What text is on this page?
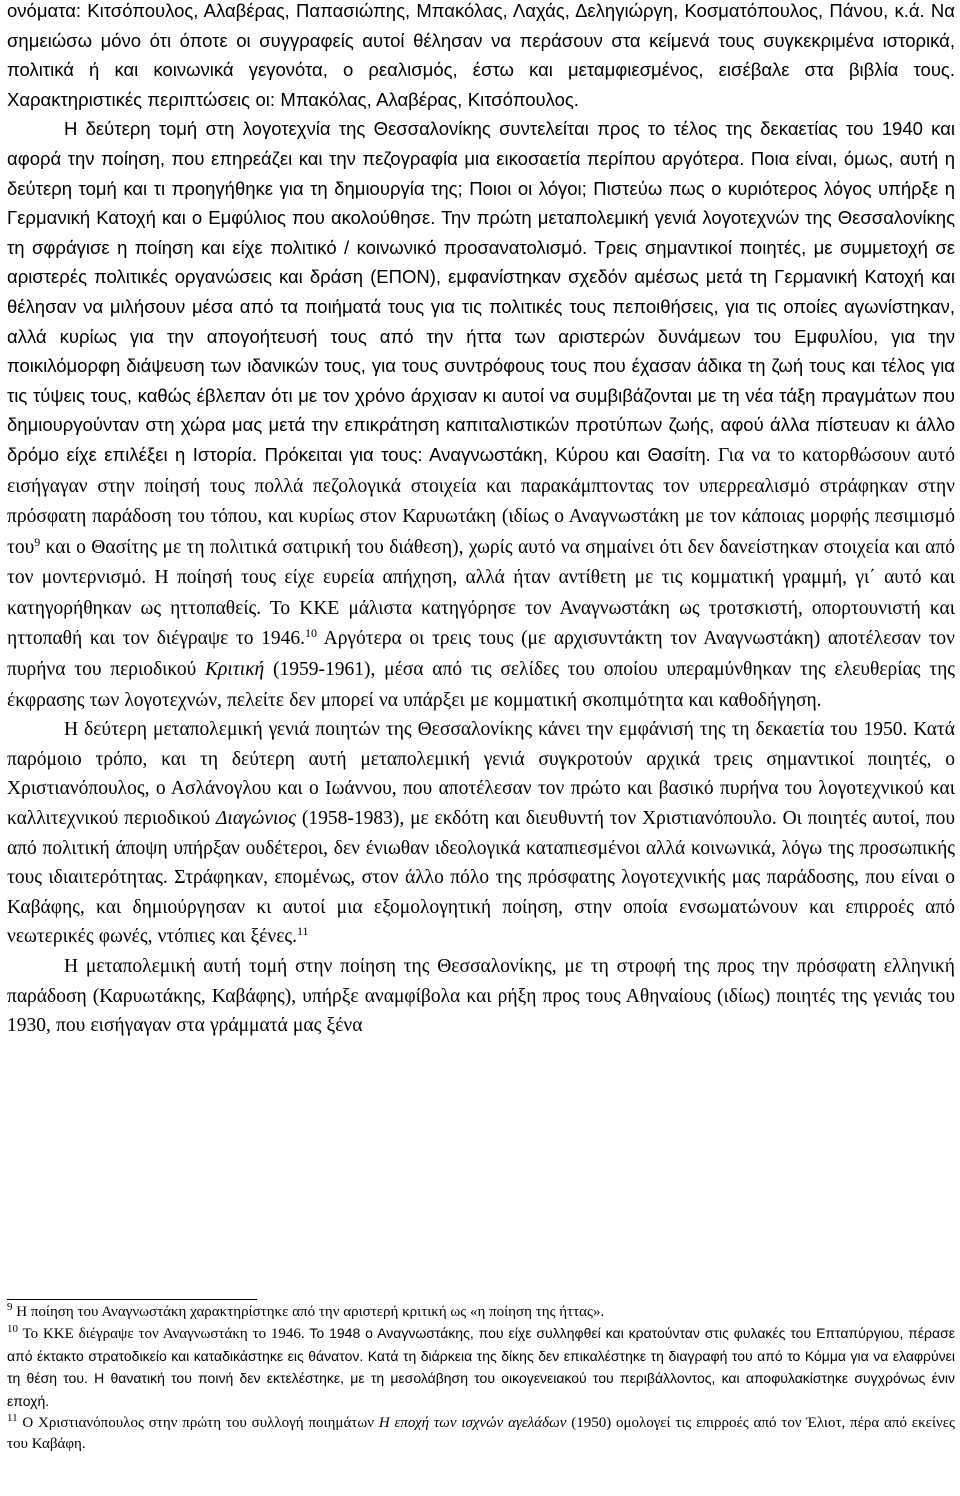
ονόματα: Κιτσόπουλος, Αλαβέρας, Παπασιώπης, Μπακόλας, Λαχάς, Δεληγιώργη, Κοσματόπουλος, Πάνου, κ.ά. Να σημειώσω μόνο ότι όποτε οι συγγραφείς αυτοί θέλησαν να περάσουν στα κείμενά τους συγκεκριμένα ιστορικά, πολιτικά ή και κοινωνικά γεγονότα, ο ρεαλισμός, έστω και μεταμφιεσμένος, εισέβαλε στα βιβλία τους. Χαρακτηριστικές περιπτώσεις οι: Μπακόλας, Αλαβέρας, Κιτσόπουλος.

Η δεύτερη τομή στη λογοτεχνία της Θεσσαλονίκης συντελείται προς το τέλος της δεκαετίας του 1940 και αφορά την ποίηση, που επηρεάζει και την πεζογραφία μια εικοσαετία περίπου αργότερα. Ποια είναι, όμως, αυτή η δεύτερη τομή και τι προηγήθηκε για τη δημιουργία της; Ποιοι οι λόγοι; Πιστεύω πως ο κυριότερος λόγος υπήρξε η Γερμανική Κατοχή και ο Εμφύλιος που ακολούθησε. Την πρώτη μεταπολεμική γενιά λογοτεχνών της Θεσσαλονίκης τη σφράγισε η ποίηση και είχε πολιτικό / κοινωνικό προσανατολισμό. Τρεις σημαντικοί ποιητές, με συμμετοχή σε αριστερές πολιτικές οργανώσεις και δράση (ΕΠΟΝ), εμφανίστηκαν σχεδόν αμέσως μετά τη Γερμανική Κατοχή και θέλησαν να μιλήσουν μέσα από τα ποιήματά τους για τις πολιτικές τους πεποιθήσεις, για τις οποίες αγωνίστηκαν, αλλά κυρίως για την απογοήτευσή τους από την ήττα των αριστερών δυνάμεων του Εμφυλίου, για την ποικιλόμορφη διάψευση των ιδανικών τους, για τους συντρόφους τους που έχασαν άδικα τη ζωή τους και τέλος για τις τύψεις τους, καθώς έβλεπαν ότι με τον χρόνο άρχισαν κι αυτοί να συμβιβάζονται με τη νέα τάξη πραγμάτων που δημιουργούνταν στη χώρα μας μετά την επικράτηση καπιταλιστικών προτύπων ζωής, αφού άλλα πίστευαν κι άλλο δρόμο είχε επιλέξει η Ιστορία. Πρόκειται για τους: Αναγνωστάκη, Κύρου και Θασίτη. Για να το κατορθώσουν αυτό εισήγαγαν στην ποίησή τους πολλά πεζολογικά στοιχεία και παρακάμπτοντας τον υπερρεαλισμό στράφηκαν στην πρόσφατη παράδοση του τόπου, και κυρίως στον Καρυωτάκη (ιδίως ο Αναγνωστάκη με τον κάποιας μορφής πεσιμισμό του$^9$ και ο Θασίτης με τη πολιτικά σατιρική του διάθεση), χωρίς αυτό να σημαίνει ότι δεν δανείστηκαν στοιχεία και από τον μοντερνισμό. Η ποίησή τους είχε ευρεία απήχηση, αλλά ήταν αντίθετη με τις κομματική γραμμή, γι΄ αυτό και κατηγορήθηκαν ως ηττοπαθείς. Το ΚΚΕ μάλιστα κατηγόρησε τον Αναγνωστάκη ως τροτσκιστή, οπορτουνιστή και ηττοπαθή και τον διέγραψε το 1946.10 Αργότερα οι τρεις τους (με αρχισυντάκτη τον Αναγνωστάκη) αποτέλεσαν τον πυρήνα του περιοδικού Κριτική (1959-1961), μέσα από τις σελίδες του οποίου υπεραμύνθηκαν της ελευθερίας της έκφρασης των λογοτεχνών, πελείτε δεν μπορεί να υπάρξει με κομματική σκοπιμότητα και καθοδήγηση.

Η δεύτερη μεταπολεμική γενιά ποιητών της Θεσσαλονίκης κάνει την εμφάνισή της τη δεκαετία του 1950. Κατά παρόμοιο τρόπο, και τη δεύτερη αυτή μεταπολεμική γενιά συγκροτούν αρχικά τρεις σημαντικοί ποιητές, ο Χριστιανόπουλος, ο Ασλάνογλου και ο Ιωάννου, που αποτέλεσαν τον πρώτο και βασικό πυρήνα του λογοτεχνικού και καλλιτεχνικού περιοδικού Διαγώνιος (1958-1983), με εκδότη και διευθυντή τον Χριστιανόπουλο. Οι ποιητές αυτοί, που από πολιτική άποψη υπήρξαν ουδέτεροι, δεν ένιωθαν ιδεολογικά καταπιεσμένοι αλλά κοινωνικά, λόγω της προσωπικής τους ιδιαιτερότητας. Στράφηκαν, επομένως, στον άλλο πόλο της πρόσφατης λογοτεχνικής μας παράδοσης, που είναι ο Καβάφης, και δημιούργησαν κι αυτοί μια εξομολογητική ποίηση, στην οποία ενσωματώνουν και επιρροές από νεωτερικές φωνές, ντόπιες και ξένες.$^{11}$

Η μεταπολεμική αυτή τομή στην ποίηση της Θεσσαλονίκης, με τη στροφή της προς την πρόσφατη ελληνική παράδοση (Καρυωτάκης, Καβάφης), υπήρξε αναμφίβολα και ρήξη προς τους Αθηναίους (ιδίως) ποιητές της γενιάς του 1930, που εισήγαγαν στα γράμματά μας ξένα

$^9$ Η ποίηση του Αναγνωστάκη χαρακτηρίστηκε από την αριστερή κριτική ως «η ποίηση της ήττας».

$^{10}$ Το ΚΚΕ διέγραψε τον Αναγνωστάκη το 1946. Το 1948 ο Αναγνωστάκης, που είχε συλληφθεί και κρατούνταν στις φυλακές του Επταπύργιου, πέρασε από έκτακτο στρατοδικείο και καταδικάστηκε εις θάνατον. Κατά τη διάρκεια της δίκης δεν επικαλέστηκε τη διαγραφή του από το Κόμμα για να ελαφρύνει τη θέση του. Η θανατική του ποινή δεν εκτελέστηκε, με τη μεσολάβηση του οικογενειακού του περιβάλλοντος, και αποφυλακίστηκε συγχρόνως ένιν εποχή.

$^{11}$ Ο Χριστιανόπουλος στην πρώτη του συλλογή ποιημάτων Η εποχή των ισχνών αγελάδων (1950) ομολογεί τις επιρροές από τον Έλιοτ, πέρα από εκείνες του Καβάφη.
